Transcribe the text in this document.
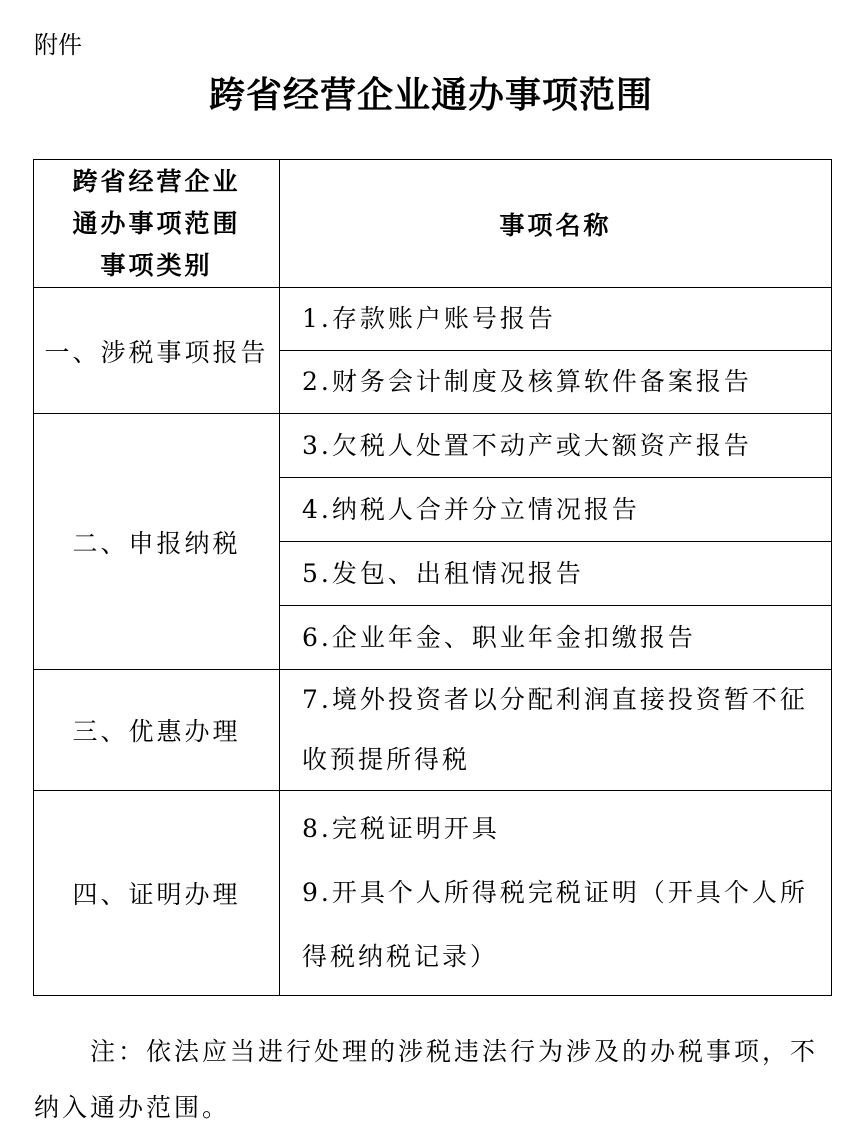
附件
跨省经营企业通办事项范围
跨省经营企业
通办事项范围
事项类别	事项名称
一、涉税事项报告	1.存款账户账号报告
	2.财务会计制度及核算软件备案报告
二、申报纳税	3.欠税人处置不动产或大额资产报告
	4.纳税人合并分立情况报告
	5.发包、出租情况报告
	6.企业年金、职业年金扣缴报告
三、优惠办理	7.境外投资者以分配利润直接投资暂不征收预提所得税
四、证明办理	8.完税证明开具
9.开具个人所得税完税证明（开具个人所得税纳税记录）
注：依法应当进行处理的涉税违法行为涉及的办税事项，不纳入通办范围。
